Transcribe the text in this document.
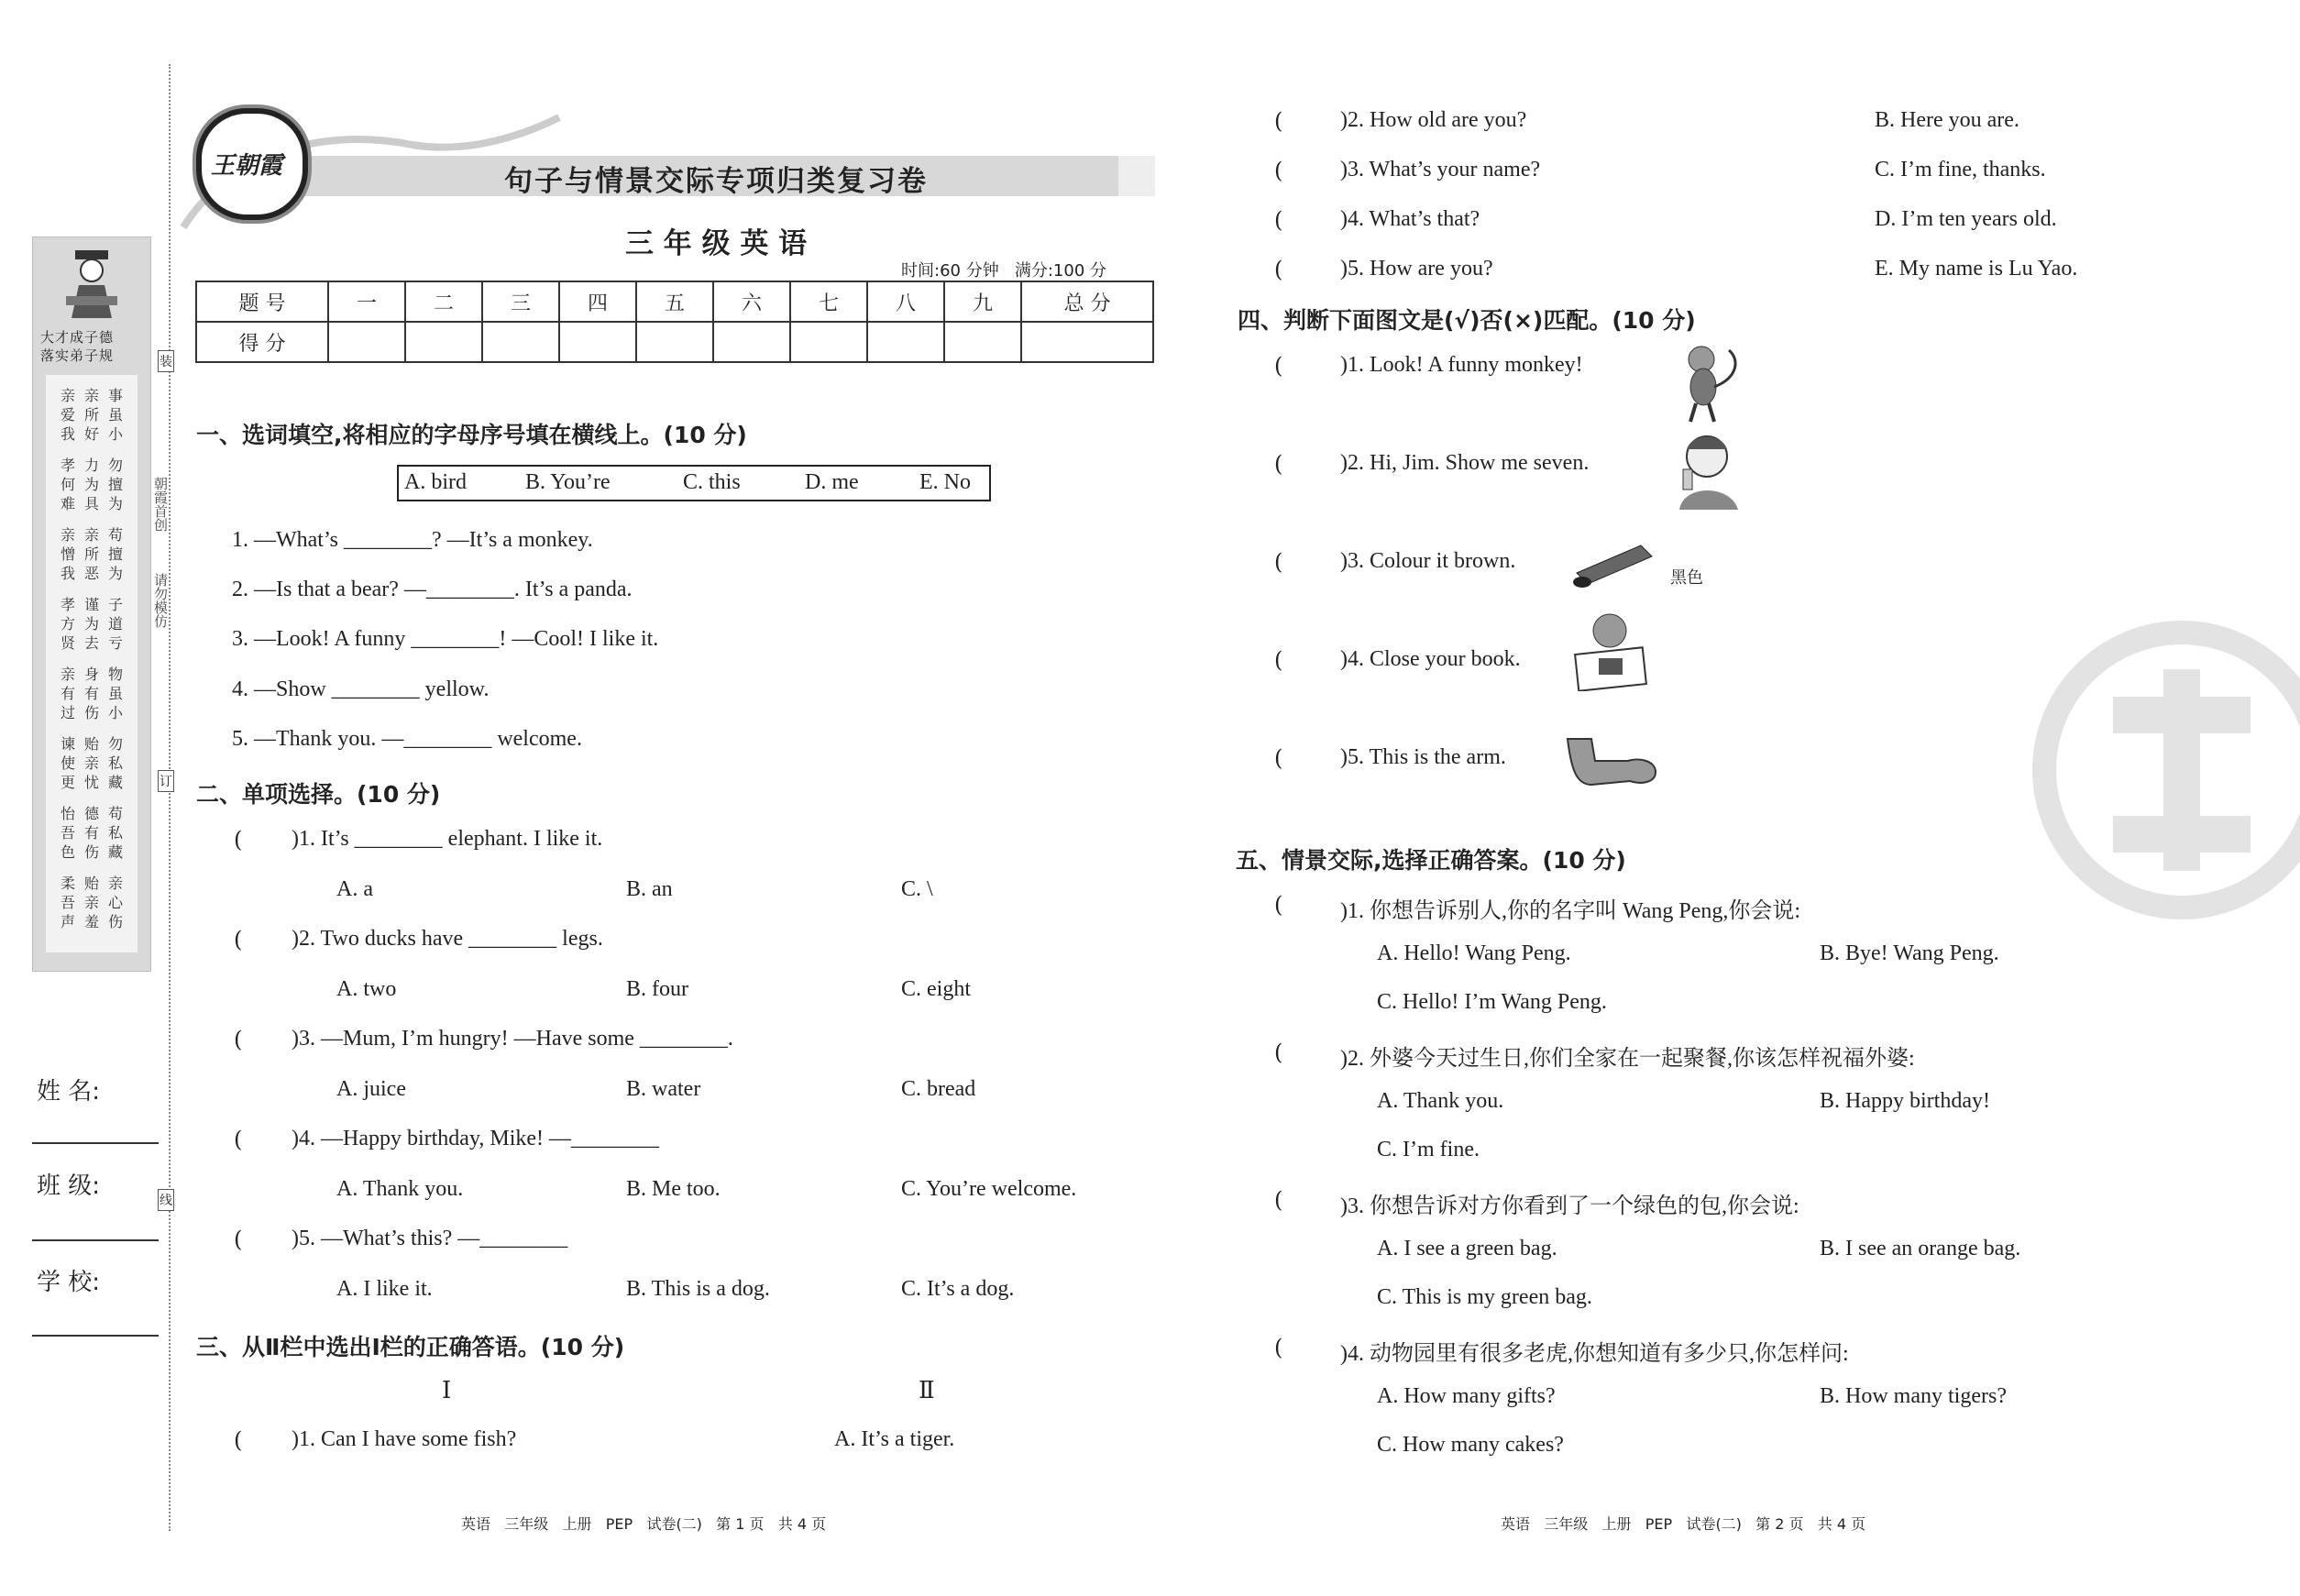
大才成子德
落实弟子规
亲爱我
亲所好
事虽小
孝何难
力为具
勿擅为
亲憎我
亲所恶
苟擅为
孝方贤
谨为去
子道亏
亲有过
身有伤
物虽小
谏使更
贻亲忧
勿私藏
怡吾色
德有伤
苟私藏
柔吾声
贻亲羞
亲心伤
朝霞首创
请勿模仿
装
订
线
姓 名:
班 级:
学 校:
王朝霞	句子与情景交际专项归类复习卷
三 年 级 英 语
时间:60 分钟   满分:100 分
题 号	一	二	三	四	五	六	七	八	九	总 分
得 分										
一、选词填空,将相应的字母序号填在横线上。(10 分)
A. bird	B. You’re	C. this	D. me	E. No
1. —What’s ________? —It’s a monkey.
2. —Is that a bear? —________. It’s a panda.
3. —Look! A funny ________! —Cool! I like it.
4. —Show ________ yellow.
5. —Thank you. —________ welcome.
二、单项选择。(10 分)
( )1. It’s ________ elephant. I like it.
A. a	B. an	C. \
( )2. Two ducks have ________ legs.
A. two	B. four	C. eight
( )3. —Mum, I’m hungry! —Have some ________.
A. juice	B. water	C. bread
( )4. —Happy birthday, Mike! —________
A. Thank you.	B. Me too.	C. You’re welcome.
( )5. —What’s this? —________
A. I like it.	B. This is a dog.	C. It’s a dog.
三、从Ⅱ栏中选出Ⅰ栏的正确答语。(10 分)
Ⅰ	Ⅱ
( )1. Can I have some fish?	A. It’s a tiger.
英语   三年级   上册   PEP   试卷(二)   第 1 页   共 4 页
(	)2. How old are you?	B. Here you are.
(	)3. What’s your name?	C. I’m fine, thanks.
(	)4. What’s that?	D. I’m ten years old.
(	)5. How are you?	E. My name is Lu Yao.
四、判断下面图文是(√)否(×)匹配。(10 分)
(	)1. Look! A funny monkey!
(	)2. Hi, Jim. Show me seven.
(	)3. Colour it brown.
(	)4. Close your book.
(	)5. This is the arm.
黑色
五、情景交际,选择正确答案。(10 分)
(	)1. 你想告诉别人,你的名字叫 Wang Peng,你会说:
A. Hello! Wang Peng.	B. Bye! Wang Peng.
C. Hello! I’m Wang Peng.
(	)2. 外婆今天过生日,你们全家在一起聚餐,你该怎样祝福外婆:
A. Thank you.	B. Happy birthday!
C. I’m fine.
(	)3. 你想告诉对方你看到了一个绿色的包,你会说:
A. I see a green bag.	B. I see an orange bag.
C. This is my green bag.
(	)4. 动物园里有很多老虎,你想知道有多少只,你怎样问:
A. How many gifts?	B. How many tigers?
C. How many cakes?
英语   三年级   上册   PEP   试卷(二)   第 2 页   共 4 页
